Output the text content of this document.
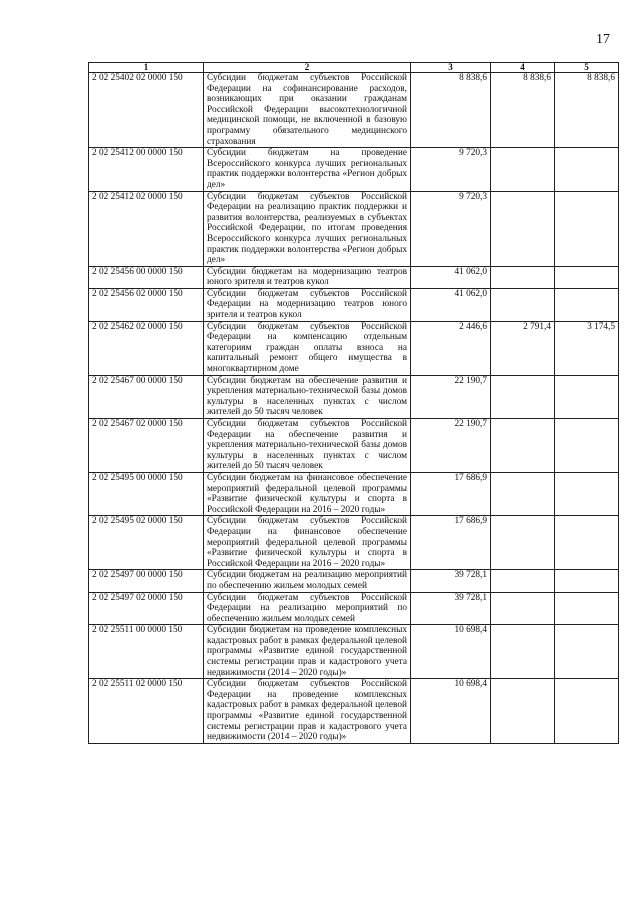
17
1	2	3	4	5
2 02 25402 02 0000 150	Субсидии бюджетам субъектов Российской Федерации на софинансирование расходов, возникающих при оказании гражданам Российской Федерации высокотехнологичной медицинской помощи, не включенной в базовую программу обязательного медицинского страхования	8 838,6	8 838,6	8 838,6
2 02 25412 00 0000 150	Субсидии бюджетам на проведение Всероссийского конкурса лучших региональных практик поддержки волонтерства «Регион добрых дел»	9 720,3		
2 02 25412 02 0000 150	Субсидии бюджетам субъектов Российской Федерации на реализацию практик поддержки и развития волонтерства, реализуемых в субъектах Российской Федерации, по итогам проведения Всероссийского конкурса лучших региональных практик поддержки волонтерства «Регион добрых дел»	9 720,3		
2 02 25456 00 0000 150	Субсидии бюджетам на модернизацию театров юного зрителя и театров кукол	41 062,0		
2 02 25456 02 0000 150	Субсидии бюджетам субъектов Российской Федерации на модернизацию театров юного зрителя и театров кукол	41 062,0		
2 02 25462 02 0000 150	Субсидии бюджетам субъектов Российской Федерации на компенсацию отдельным категориям граждан оплаты взноса на капитальный ремонт общего имущества в многоквартирном доме	2 446,6	2 791,4	3 174,5
2 02 25467 00 0000 150	Субсидии бюджетам на обеспечение развития и укрепления материально-технической базы домов культуры в населенных пунктах с числом жителей до 50 тысяч человек	22 190,7		
2 02 25467 02 0000 150	Субсидии бюджетам субъектов Российской Федерации на обеспечение развития и укрепления материально-технической базы домов культуры в населенных пунктах с числом жителей до 50 тысяч человек	22 190,7		
2 02 25495 00 0000 150	Субсидии бюджетам на финансовое обеспечение мероприятий федеральной целевой программы «Развитие физической культуры и спорта в Российской Федерации на 2016 – 2020 годы»	17 686,9		
2 02 25495 02 0000 150	Субсидии бюджетам субъектов Российской Федерации на финансовое обеспечение мероприятий федеральной целевой программы «Развитие физической культуры и спорта в Российской Федерации на 2016 – 2020 годы»	17 686,9		
2 02 25497 00 0000 150	Субсидии бюджетам на реализацию мероприятий по обеспечению жильем молодых семей	39 728,1		
2 02 25497 02 0000 150	Субсидии бюджетам субъектов Российской Федерации на реализацию мероприятий по обеспечению жильем молодых семей	39 728,1		
2 02 25511 00 0000 150	Субсидии бюджетам на проведение комплексных кадастровых работ в рамках федеральной целевой программы «Развитие единой государственной системы регистрации прав и кадастрового учета недвижимости (2014 – 2020 годы)»	10 698,4		
2 02 25511 02 0000 150	Субсидии бюджетам субъектов Российской Федерации на проведение комплексных кадастровых работ в рамках федеральной целевой программы «Развитие единой государственной системы регистрации прав и кадастрового учета недвижимости (2014 – 2020 годы)»	10 698,4		
